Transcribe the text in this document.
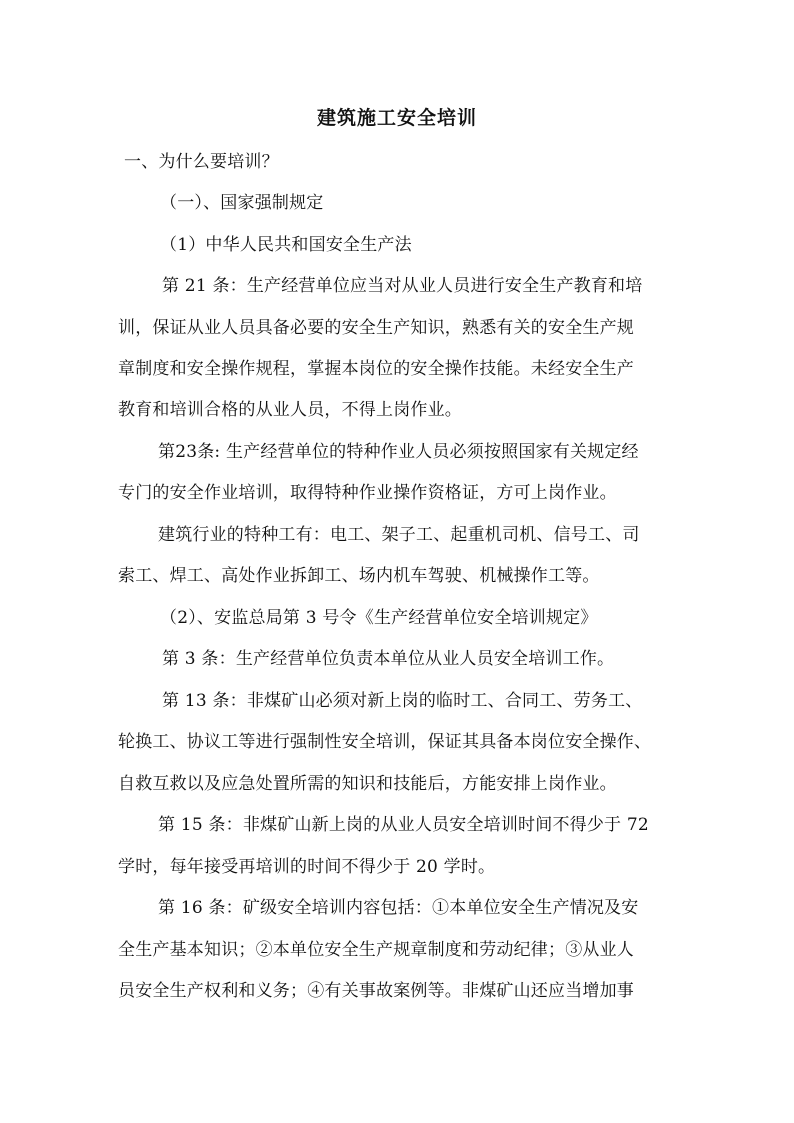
建筑施工安全培训
一、为什么要培训？
（一）、国家强制规定
（1）中华人民共和国安全生产法
第 21 条：生产经营单位应当对从业人员进行安全生产教育和培
训，保证从业人员具备必要的安全生产知识，熟悉有关的安全生产规
章制度和安全操作规程，掌握本岗位的安全操作技能。未经安全生产
教育和培训合格的从业人员，不得上岗作业。
第23条: 生产经营单位的特种作业人员必须按照国家有关规定经
专门的安全作业培训，取得特种作业操作资格证，方可上岗作业。
建筑行业的特种工有：电工、架子工、起重机司机、信号工、司
索工、焊工、高处作业拆卸工、场内机车驾驶、机械操作工等。
（2）、安监总局第 3 号令《生产经营单位安全培训规定》
第 3 条：生产经营单位负责本单位从业人员安全培训工作。
第 13 条：非煤矿山必须对新上岗的临时工、合同工、劳务工、
轮换工、协议工等进行强制性安全培训，保证其具备本岗位安全操作、
自救互救以及应急处置所需的知识和技能后，方能安排上岗作业。
第 15 条：非煤矿山新上岗的从业人员安全培训时间不得少于 72
学时，每年接受再培训的时间不得少于 20 学时。
第 16 条：矿级安全培训内容包括：①本单位安全生产情况及安
全生产基本知识；②本单位安全生产规章制度和劳动纪律；③从业人
员安全生产权利和义务；④有关事故案例等。非煤矿山还应当增加事
